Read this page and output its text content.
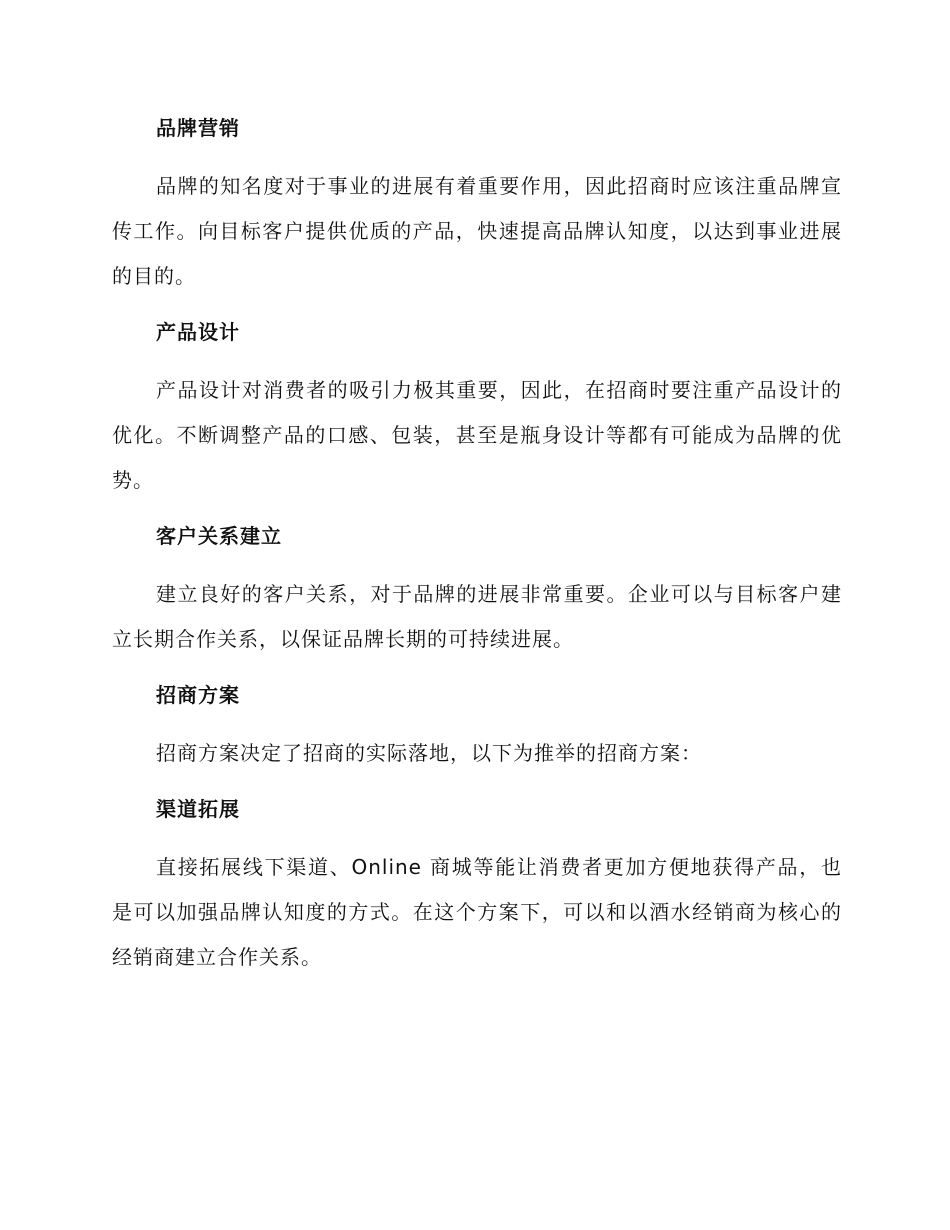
品牌营销

品牌的知名度对于事业的进展有着重要作用，因此招商时应该注重品牌宣传工作。向目标客户提供优质的产品，快速提高品牌认知度，以达到事业进展的目的。

产品设计

产品设计对消费者的吸引力极其重要，因此，在招商时要注重产品设计的优化。不断调整产品的口感、包装，甚至是瓶身设计等都有可能成为品牌的优势。

客户关系建立

建立良好的客户关系，对于品牌的进展非常重要。企业可以与目标客户建立长期合作关系，以保证品牌长期的可持续进展。

招商方案

招商方案决定了招商的实际落地，以下为推举的招商方案：

渠道拓展

直接拓展线下渠道、Online 商城等能让消费者更加方便地获得产品，也是可以加强品牌认知度的方式。在这个方案下，可以和以酒水经销商为核心的经销商建立合作关系。
